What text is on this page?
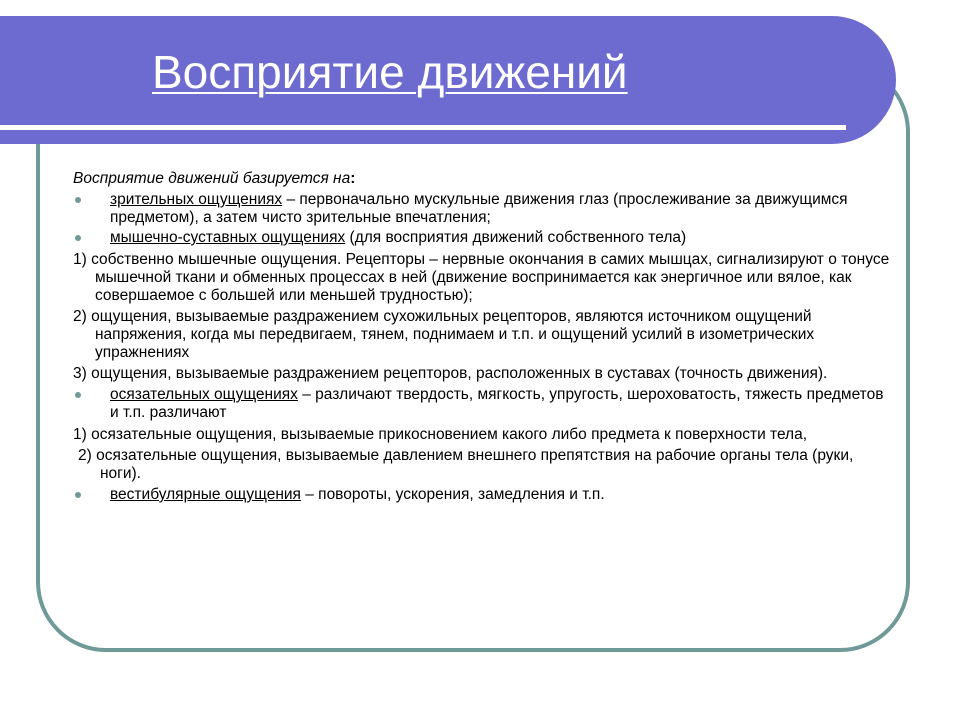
Восприятие движений

Восприятие движений базируется на:

зрительных ощущениях – первоначально мускульные движения глаз (прослеживание за движущимся предметом), а затем чисто зрительные впечатления;
мышечно-суставных ощущениях (для восприятия движений собственного тела)

1) собственно мышечные ощущения. Рецепторы – нервные окончания в самих мышцах, сигнализируют о тонусе мышечной ткани и обменных процессах в ней (движение воспринимается как энергичное или вялое, как совершаемое с большей или меньшей трудностью);

2) ощущения, вызываемые раздражением сухожильных рецепторов, являются источником ощущений напряжения, когда мы передвигаем, тянем, поднимаем и т.п. и ощущений усилий в изометрических упражнениях

3) ощущения, вызываемые раздражением рецепторов, расположенных в суставах (точность движения).

осязательных ощущениях – различают твердость, мягкость, упругость, шероховатость, тяжесть предметов и т.п. различают

1) осязательные ощущения, вызываемые прикосновением какого либо предмета к поверхности тела,

2) осязательные ощущения, вызываемые давлением внешнего препятствия на рабочие органы тела (руки, ноги).

вестибулярные ощущения – повороты, ускорения, замедления и т.п.
